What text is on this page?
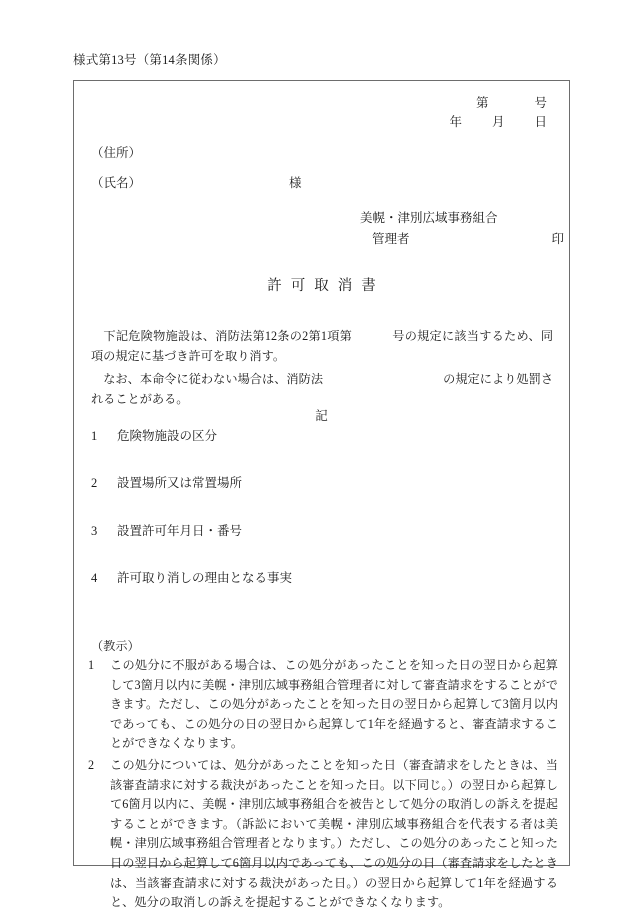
様式第13号（第14条関係）
第	号
年 月 日
（住所）
（氏名）	様
美幌・津別広域事務組合
管理者	印
許可取消書
　下記危険物施設は、消防法第12条の2第1項第	号の規定に該当するため、同項の規定に基づき許可を取り消す。
　なお、本命令に従わない場合は、消防法	の規定により処罰されることがある。
記
1 危険物施設の区分
2 設置場所又は常置場所
3 設置許可年月日・番号
4 許可取り消しの理由となる事実
（教示）
1	この処分に不服がある場合は、この処分があったことを知った日の翌日から起算して3箇月以内に美幌・津別広域事務組合管理者に対して審査請求をすることができます。ただし、この処分があったことを知った日の翌日から起算して3箇月以内であっても、この処分の日の翌日から起算して1年を経過すると、審査請求することができなくなります。
2	この処分については、処分があったことを知った日（審査請求をしたときは、当該審査請求に対する裁決があったことを知った日。以下同じ。）の翌日から起算して6箇月以内に、美幌・津別広域事務組合を被告として処分の取消しの訴えを提起することができます。（訴訟において美幌・津別広域事務組合を代表する者は美幌・津別広域事務組合管理者となります。）ただし、この処分のあったこと知った日の翌日から起算して6箇月以内であっても、この処分の日（審査請求をしたときは、当該審査請求に対する裁決があった日。）の翌日から起算して1年を経過すると、処分の取消しの訴えを提起することができなくなります。
